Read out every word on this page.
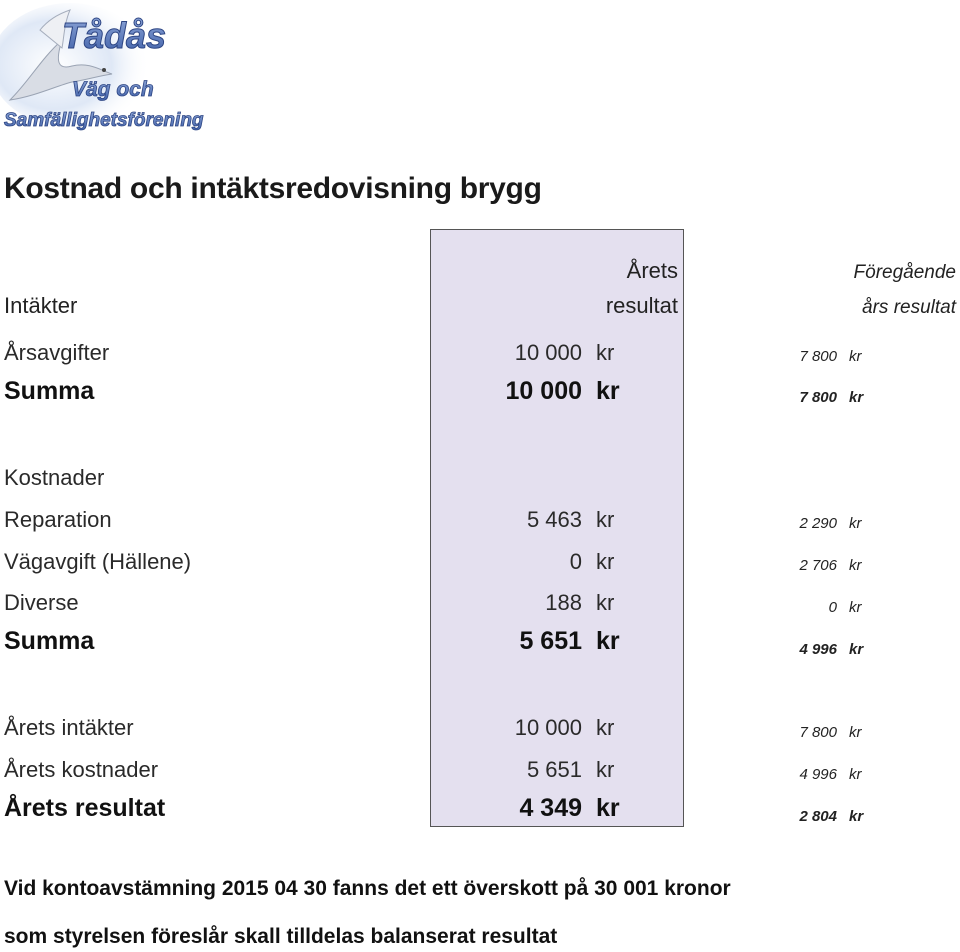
Tådås
Väg och
Samfällighetsförening
Kostnad och intäktsredovisning brygg
Intäkter
Årets
resultat
Föregående
års resultat
Årsavgifter	10 000 kr	7 800 kr
Summa	10 000 kr	7 800 kr
Kostnader
Reparation	5 463 kr	2 290 kr
Vägavgift (Hällene)	0 kr	2 706 kr
Diverse	188 kr	0 kr
Summa	5 651 kr	4 996 kr
Årets intäkter	10 000 kr	7 800 kr
Årets kostnader	5 651 kr	4 996 kr
Årets resultat	4 349 kr	2 804 kr
Vid kontoavstämning 2015 04 30 fanns det ett överskott på 30 001 kronor
som styrelsen föreslår skall tilldelas balanserat resultat
